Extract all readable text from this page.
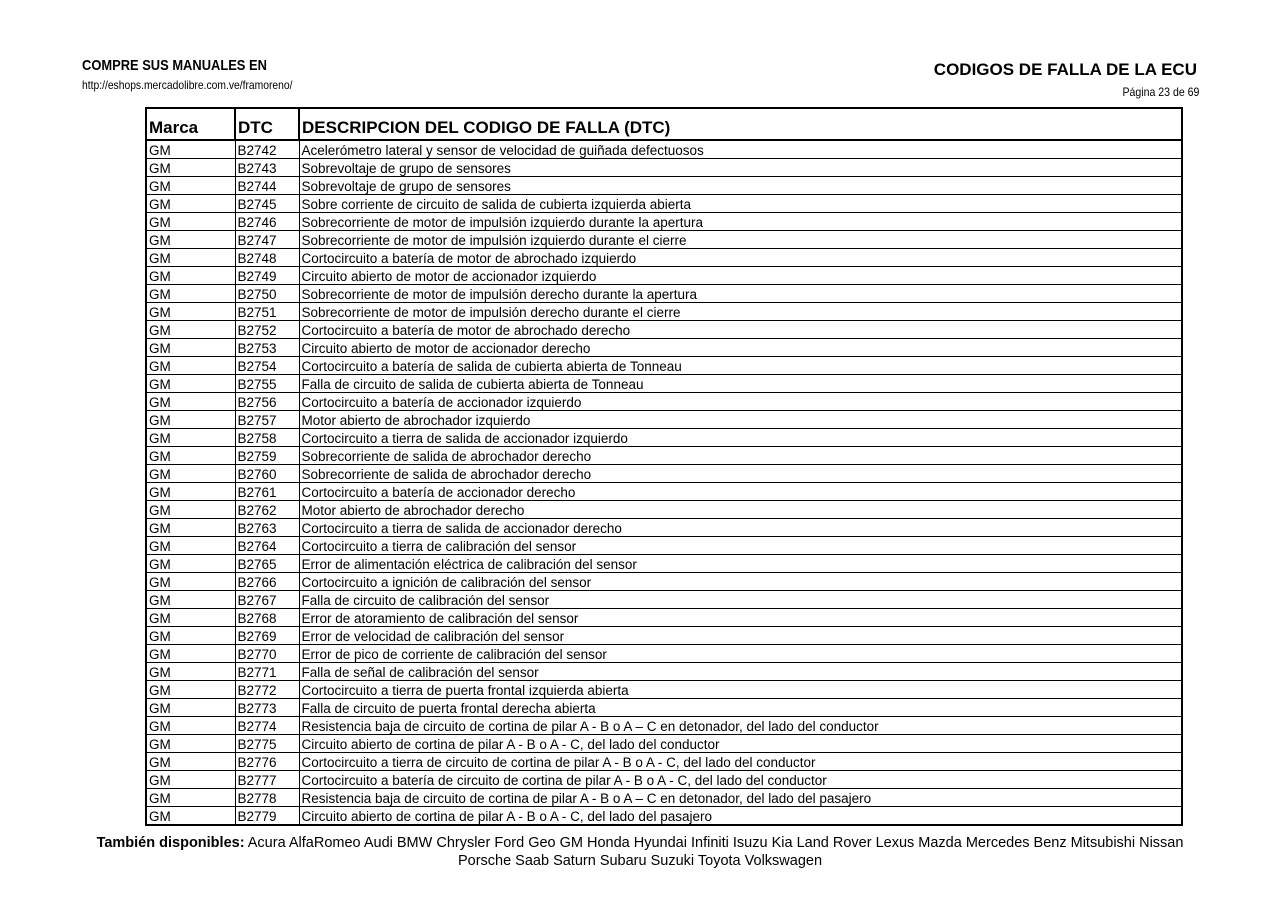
COMPRE SUS MANUALES EN
http://eshops.mercadolibre.com.ve/framoreno/
CODIGOS DE FALLA DE LA ECU
Página 23 de 69
Marca	DTC	DESCRIPCION DEL CODIGO DE FALLA (DTC)
GM	B2742	Acelerómetro lateral y sensor de velocidad de guiñada defectuosos
GM	B2743	Sobrevoltaje de grupo de sensores
GM	B2744	Sobrevoltaje de grupo de sensores
GM	B2745	Sobre corriente de circuito de salida de cubierta izquierda abierta
GM	B2746	Sobrecorriente de motor de impulsión izquierdo durante la apertura
GM	B2747	Sobrecorriente de motor de impulsión izquierdo durante el cierre
GM	B2748	Cortocircuito a batería de motor de abrochado izquierdo
GM	B2749	Circuito abierto de motor de accionador izquierdo
GM	B2750	Sobrecorriente de motor de impulsión derecho durante la apertura
GM	B2751	Sobrecorriente de motor de impulsión derecho durante el cierre
GM	B2752	Cortocircuito a batería de motor de abrochado derecho
GM	B2753	Circuito abierto de motor de accionador derecho
GM	B2754	Cortocircuito a batería de salida de cubierta abierta de Tonneau
GM	B2755	Falla de circuito de salida de cubierta abierta de Tonneau
GM	B2756	Cortocircuito a batería de accionador izquierdo
GM	B2757	Motor abierto de abrochador izquierdo
GM	B2758	Cortocircuito a tierra de salida de accionador izquierdo
GM	B2759	Sobrecorriente de salida de abrochador derecho
GM	B2760	Sobrecorriente de salida de abrochador derecho
GM	B2761	Cortocircuito a batería de accionador derecho
GM	B2762	Motor abierto de abrochador derecho
GM	B2763	Cortocircuito a tierra de salida de accionador derecho
GM	B2764	Cortocircuito a tierra de calibración del sensor
GM	B2765	Error de alimentación eléctrica de calibración del sensor
GM	B2766	Cortocircuito a ignición de calibración del sensor
GM	B2767	Falla de circuito de calibración del sensor
GM	B2768	Error de atoramiento de calibración del sensor
GM	B2769	Error de velocidad de calibración del sensor
GM	B2770	Error de pico de corriente de calibración del sensor
GM	B2771	Falla de señal de calibración del sensor
GM	B2772	Cortocircuito a tierra de puerta frontal izquierda abierta
GM	B2773	Falla de circuito de puerta frontal derecha abierta
GM	B2774	Resistencia baja de circuito de cortina de pilar A - B o A – C en detonador, del lado del conductor
GM	B2775	Circuito abierto de cortina de pilar A - B o A - C, del lado del conductor
GM	B2776	Cortocircuito a tierra de circuito de cortina de pilar A - B o A - C, del lado del conductor
GM	B2777	Cortocircuito a batería de circuito de cortina de pilar A - B o A - C, del lado del conductor
GM	B2778	Resistencia baja de circuito de cortina de pilar A - B o A – C en detonador, del lado del pasajero
GM	B2779	Circuito abierto de cortina de pilar A - B o A - C, del lado del pasajero
También disponibles: Acura AlfaRomeo Audi BMW Chrysler Ford Geo GM Honda Hyundai Infiniti Isuzu Kia Land Rover Lexus Mazda Mercedes Benz Mitsubishi Nissan
Porsche Saab Saturn Subaru Suzuki Toyota Volkswagen
